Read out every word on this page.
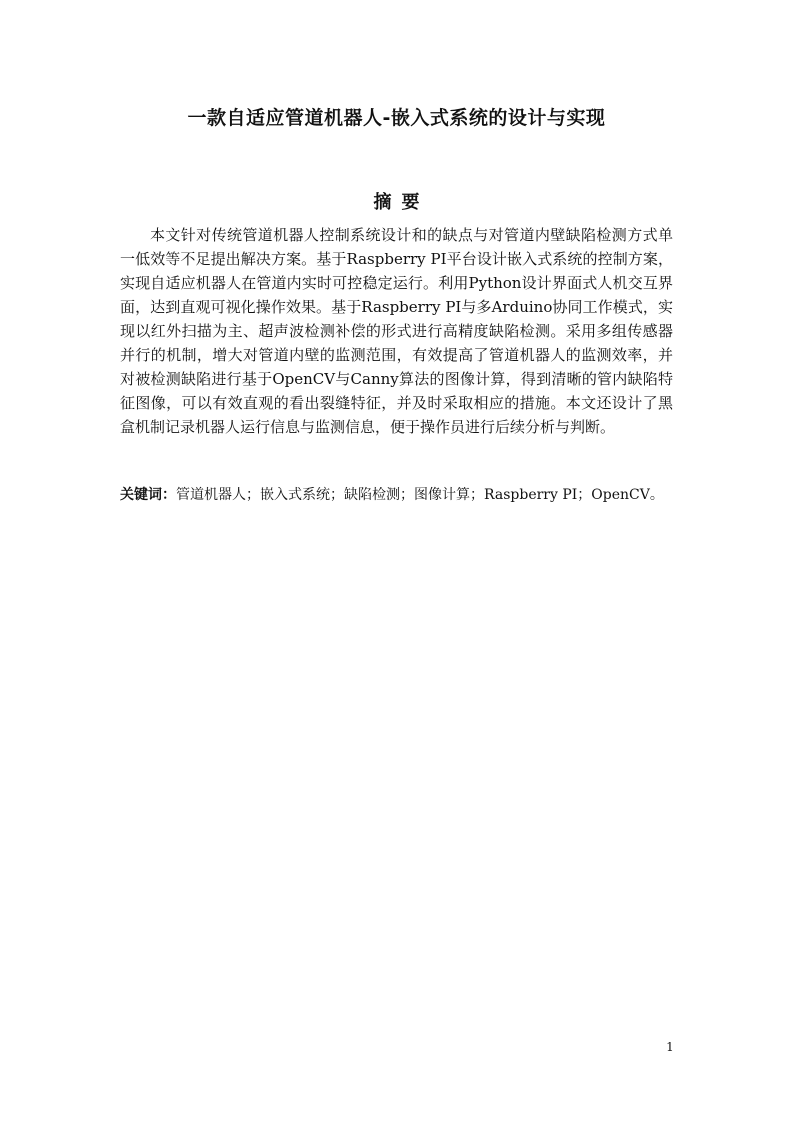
一款自适应管道机器人-嵌入式系统的设计与实现
摘要

本文针对传统管道机器人控制系统设计和的缺点与对管道内壁缺陷检测方式单一低效等不足提出解决方案。基于Raspberry PI平台设计嵌入式系统的控制方案，实现自适应机器人在管道内实时可控稳定运行。利用Python设计界面式人机交互界面，达到直观可视化操作效果。基于Raspberry PI与多Arduino协同工作模式，实现以红外扫描为主、超声波检测补偿的形式进行高精度缺陷检测。采用多组传感器并行的机制，增大对管道内壁的监测范围，有效提高了管道机器人的监测效率，并对被检测缺陷进行基于OpenCV与Canny算法的图像计算，得到清晰的管内缺陷特征图像，可以有效直观的看出裂缝特征，并及时采取相应的措施。本文还设计了黑盒机制记录机器人运行信息与监测信息，便于操作员进行后续分析与判断。

关键词：管道机器人；嵌入式系统；缺陷检测；图像计算；Raspberry PI；OpenCV。

1
